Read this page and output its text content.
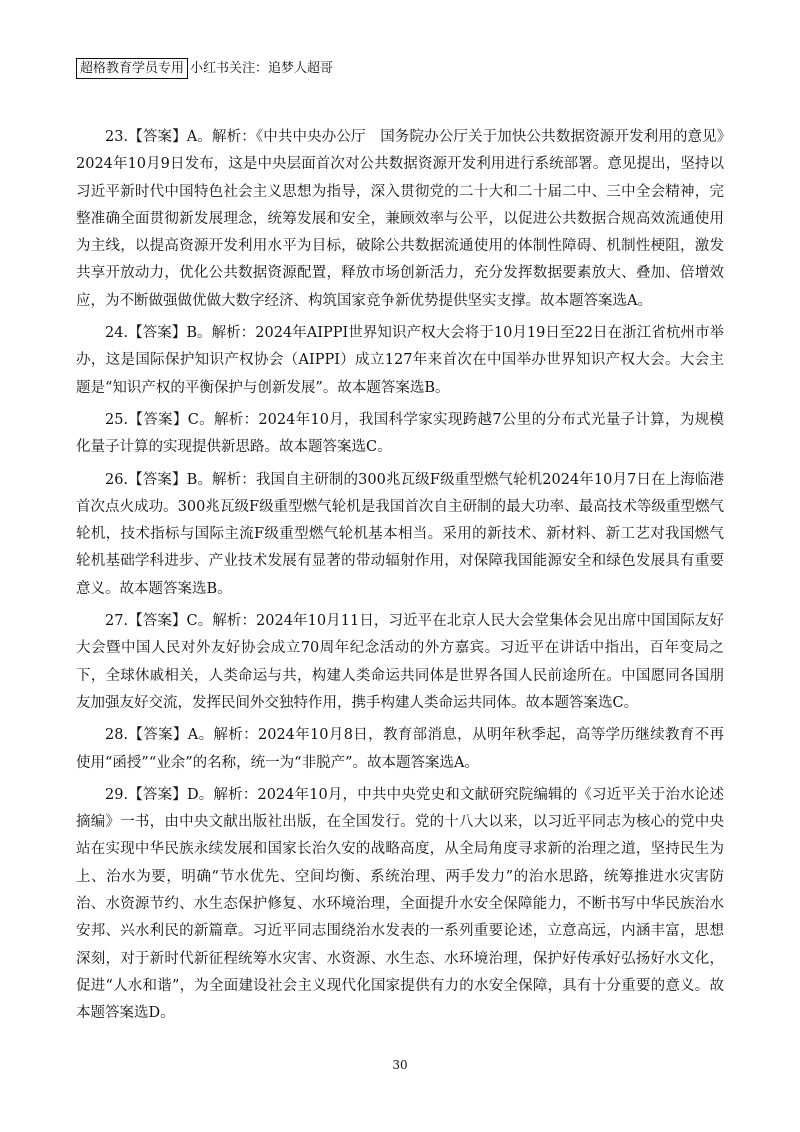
超格教育学员专用 小红书关注：追梦人超哥

23.【答案】A。解析：《中共中央办公厅　国务院办公厅关于加快公共数据资源开发利用的意见》2024年10月9日发布，这是中央层面首次对公共数据资源开发利用进行系统部署。意见提出，坚持以习近平新时代中国特色社会主义思想为指导，深入贯彻党的二十大和二十届二中、三中全会精神，完整准确全面贯彻新发展理念，统筹发展和安全，兼顾效率与公平，以促进公共数据合规高效流通使用为主线，以提高资源开发利用水平为目标，破除公共数据流通使用的体制性障碍、机制性梗阻，激发共享开放动力，优化公共数据资源配置，释放市场创新活力，充分发挥数据要素放大、叠加、倍增效应，为不断做强做优做大数字经济、构筑国家竞争新优势提供坚实支撑。故本题答案选A。

24.【答案】B。解析：2024年AIPPI世界知识产权大会将于10月19日至22日在浙江省杭州市举办，这是国际保护知识产权协会（AIPPI）成立127年来首次在中国举办世界知识产权大会。大会主题是“知识产权的平衡保护与创新发展”。故本题答案选B。

25.【答案】C。解析：2024年10月，我国科学家实现跨越7公里的分布式光量子计算，为规模化量子计算的实现提供新思路。故本题答案选C。

26.【答案】B。解析：我国自主研制的300兆瓦级F级重型燃气轮机2024年10月7日在上海临港首次点火成功。300兆瓦级F级重型燃气轮机是我国首次自主研制的最大功率、最高技术等级重型燃气轮机，技术指标与国际主流F级重型燃气轮机基本相当。采用的新技术、新材料、新工艺对我国燃气轮机基础学科进步、产业技术发展有显著的带动辐射作用，对保障我国能源安全和绿色发展具有重要意义。故本题答案选B。

27.【答案】C。解析：2024年10月11日，习近平在北京人民大会堂集体会见出席中国国际友好大会暨中国人民对外友好协会成立70周年纪念活动的外方嘉宾。习近平在讲话中指出，百年变局之下，全球休戚相关，人类命运与共，构建人类命运共同体是世界各国人民前途所在。中国愿同各国朋友加强友好交流，发挥民间外交独特作用，携手构建人类命运共同体。故本题答案选C。

28.【答案】A。解析：2024年10月8日，教育部消息，从明年秋季起，高等学历继续教育不再使用“函授”“业余”的名称，统一为“非脱产”。故本题答案选A。

29.【答案】D。解析：2024年10月，中共中央党史和文献研究院编辑的《习近平关于治水论述摘编》一书，由中央文献出版社出版，在全国发行。党的十八大以来，以习近平同志为核心的党中央站在实现中华民族永续发展和国家长治久安的战略高度，从全局角度寻求新的治理之道，坚持民生为上、治水为要，明确“节水优先、空间均衡、系统治理、两手发力”的治水思路，统筹推进水灾害防治、水资源节约、水生态保护修复、水环境治理，全面提升水安全保障能力，不断书写中华民族治水安邦、兴水利民的新篇章。习近平同志围绕治水发表的一系列重要论述，立意高远，内涵丰富，思想深刻，对于新时代新征程统筹水灾害、水资源、水生态、水环境治理，保护好传承好弘扬好水文化，促进“人水和谐”，为全面建设社会主义现代化国家提供有力的水安全保障，具有十分重要的意义。故本题答案选D。

30
